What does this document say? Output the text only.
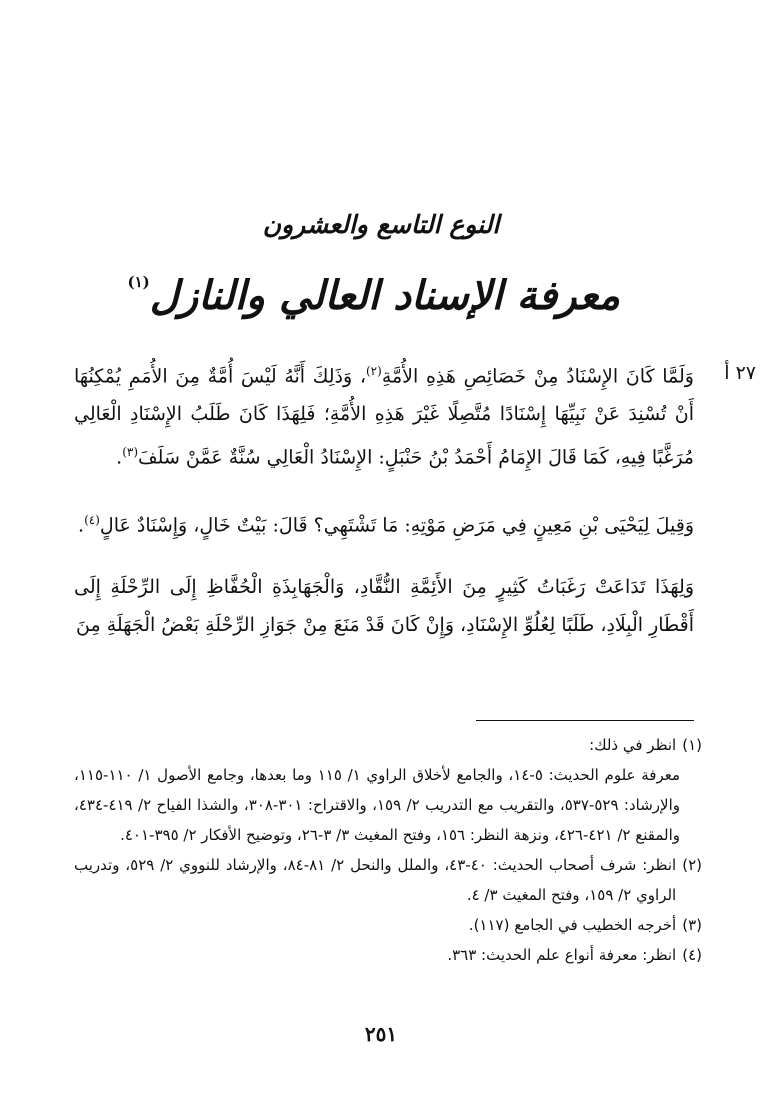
النوع التاسع والعشرون
معرفة الإسناد العالي والنازل$^{(١)}$
٢٧ أ

وَلَمَّا كَانَ الإِسْنَادُ مِنْ خَصَائِصِ هَذِهِ الأُمَّةِ$^{(٢)}$، وَذَلِكَ أَنَّهُ لَيْسَ أُمَّةٌ مِنَ الأُمَمِ يُمْكِنُهَا أَنْ تُسْنِدَ عَنْ نَبِيِّهَا إِسْنَادًا مُتَّصِلًا غَيْرَ هَذِهِ الأُمَّةِ؛ فَلِهَذَا كَانَ طَلَبُ الإِسْنَادِ الْعَالِي مُرَغَّبًا فِيهِ، كَمَا قَالَ الإِمَامُ أَحْمَدُ بْنُ حَنْبَلٍ: الإِسْنَادُ الْعَالِي سُنَّةٌ عَمَّنْ سَلَفَ$^{(٣)}$.

وَقِيلَ لِيَحْيَى بْنِ مَعِينٍ فِي مَرَضِ مَوْتِهِ: مَا تَشْتَهِي؟ قَالَ: بَيْتٌ خَالٍ، وَإِسْنَادٌ عَالٍ$^{(٤)}$.

وَلِهَذَا تَدَاعَتْ رَغَبَاتُ كَثِيرٍ مِنَ الأَئِمَّةِ النُّقَّادِ، وَالْجَهَابِذَةِ الْحُفَّاظِ إِلَى الرِّحْلَةِ إِلَى أَقْطَارِ الْبِلَادِ، طَلَبًا لِعُلُوِّ الإِسْنَادِ، وَإِنْ كَانَ قَدْ مَنَعَ مِنْ جَوَازِ الرِّحْلَةِ بَعْضُ الْجَهَلَةِ مِنَ

(١)
انظر في ذلك:
معرفة علوم الحديث: ٥-١٤، والجامع لأخلاق الراوي ١/ ١١٥ وما بعدها، وجامع الأصول ١/ ١١٠-١١٥، والإرشاد: ٥٢٩-٥٣٧، والتقريب مع التدريب ٢/ ١٥٩، والاقتراح: ٣٠١-٣٠٨، والشذا الفياح ٢/ ٤١٩-٤٣٤، والمقنع ٢/ ٤٢١-٤٢٦، ونزهة النظر: ١٥٦، وفتح المغيث ٣/ ٣-٢٦، وتوضيح الأفكار ٢/ ٣٩٥-٤٠١.
(٢)
انظر: شرف أصحاب الحديث: ٤٠-٤٣، والملل والنحل ٢/ ٨١-٨٤، والإرشاد للنووي ٢/ ٥٢٩، وتدريب الراوي ٢/ ١٥٩، وفتح المغيث ٣/ ٤.
(٣)
أخرجه الخطيب في الجامع (١١٧).
(٤)
انظر: معرفة أنواع علم الحديث: ٣٦٣.
٢٥١
